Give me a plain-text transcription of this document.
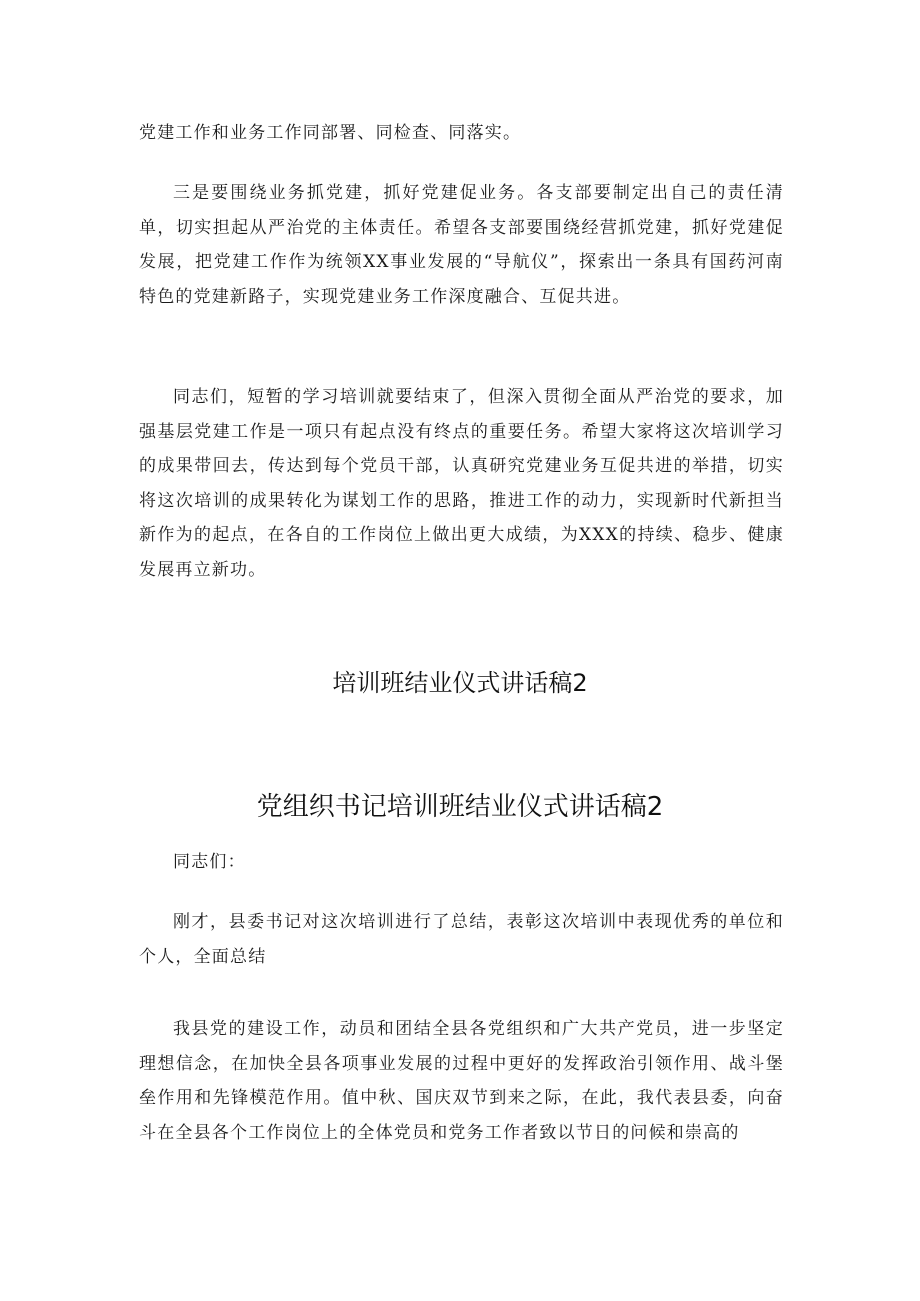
党建工作和业务工作同部署、同检查、同落实。

三是要围绕业务抓党建，抓好党建促业务。各支部要制定出自己的责任清单，切实担起从严治党的主体责任。希望各支部要围绕经营抓党建，抓好党建促发展，把党建工作作为统领XX事业发展的“导航仪”，探索出一条具有国药河南特色的党建新路子，实现党建业务工作深度融合、互促共进。

同志们，短暂的学习培训就要结束了，但深入贯彻全面从严治党的要求，加强基层党建工作是一项只有起点没有终点的重要任务。希望大家将这次培训学习的成果带回去，传达到每个党员干部，认真研究党建业务互促共进的举措，切实将这次培训的成果转化为谋划工作的思路，推进工作的动力，实现新时代新担当新作为的起点，在各自的工作岗位上做出更大成绩，为XXX的持续、稳步、健康发展再立新功。

培训班结业仪式讲话稿2
党组织书记培训班结业仪式讲话稿2

同志们：

刚才，县委书记对这次培训进行了总结，表彰这次培训中表现优秀的单位和个人，全面总结

我县党的建设工作，动员和团结全县各党组织和广大共产党员，进一步坚定理想信念，在加快全县各项事业发展的过程中更好的发挥政治引领作用、战斗堡垒作用和先锋模范作用。值中秋、国庆双节到来之际，在此，我代表县委，向奋斗在全县各个工作岗位上的全体党员和党务工作者致以节日的问候和崇高的
